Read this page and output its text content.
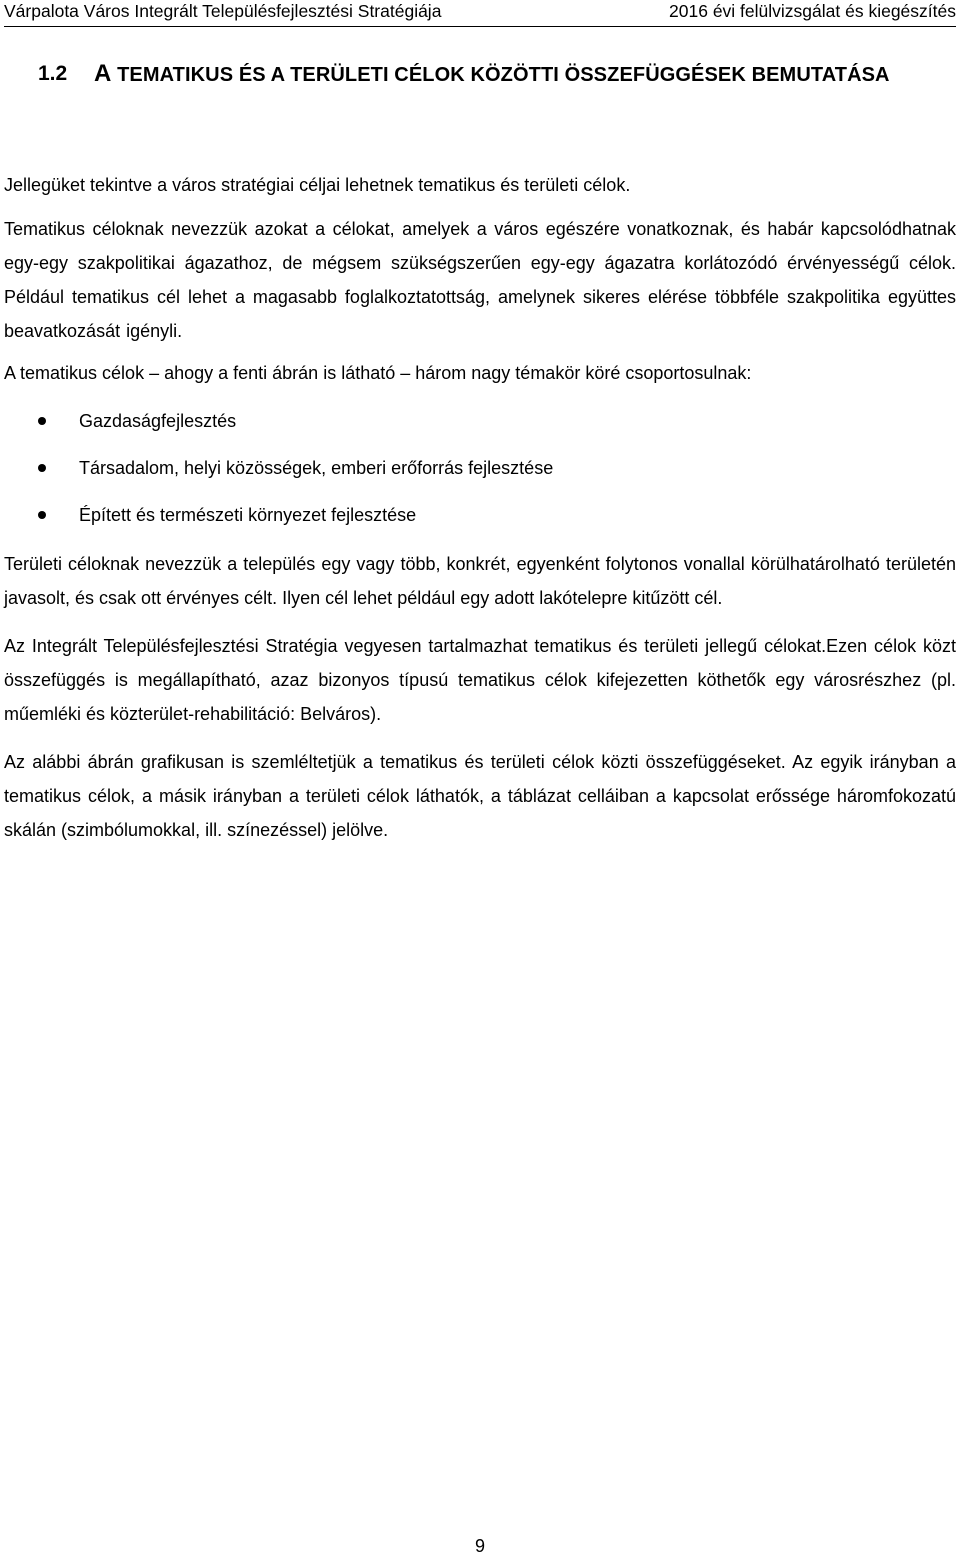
Várpalota Város Integrált Településfejlesztési Stratégiája	2016 évi felülvizsgálat és kiegészítés
1.2 A TEMATIKUS ÉS A TERÜLETI CÉLOK KÖZÖTTI ÖSSZEFÜGGÉSEK BEMUTATÁSA

Jellegüket tekintve a város stratégiai céljai lehetnek tematikus és területi célok.

Tematikus céloknak nevezzük azokat a célokat, amelyek a város egészére vonatkoznak, és habár kapcsolódhatnak egy-egy szakpolitikai ágazathoz, de mégsem szükségszerűen egy-egy ágazatra korlátozódó érvényességű célok. Például tematikus cél lehet a magasabb foglalkoztatottság, amelynek sikeres elérése többféle szakpolitika együttes beavatkozását igényli.

A tematikus célok – ahogy a fenti ábrán is látható – három nagy témakör köré csoportosulnak:

Gazdaságfejlesztés
Társadalom, helyi közösségek, emberi erőforrás fejlesztése
Épített és természeti környezet fejlesztése

Területi céloknak nevezzük a település egy vagy több, konkrét, egyenként folytonos vonallal körülhatárolható területén javasolt, és csak ott érvényes célt. Ilyen cél lehet például egy adott lakótelepre kitűzött cél.

Az Integrált Településfejlesztési Stratégia vegyesen tartalmazhat tematikus és területi jellegű célokat.Ezen célok közt összefüggés is megállapítható, azaz bizonyos típusú tematikus célok kifejezetten köthetők egy városrészhez (pl. műemléki és közterület-rehabilitáció: Belváros).

Az alábbi ábrán grafikusan is szemléltetjük a tematikus és területi célok közti összefüggéseket. Az egyik irányban a tematikus célok, a másik irányban a területi célok láthatók, a táblázat celláiban a kapcsolat erőssége háromfokozatú skálán (szimbólumokkal, ill. színezéssel) jelölve.

9
